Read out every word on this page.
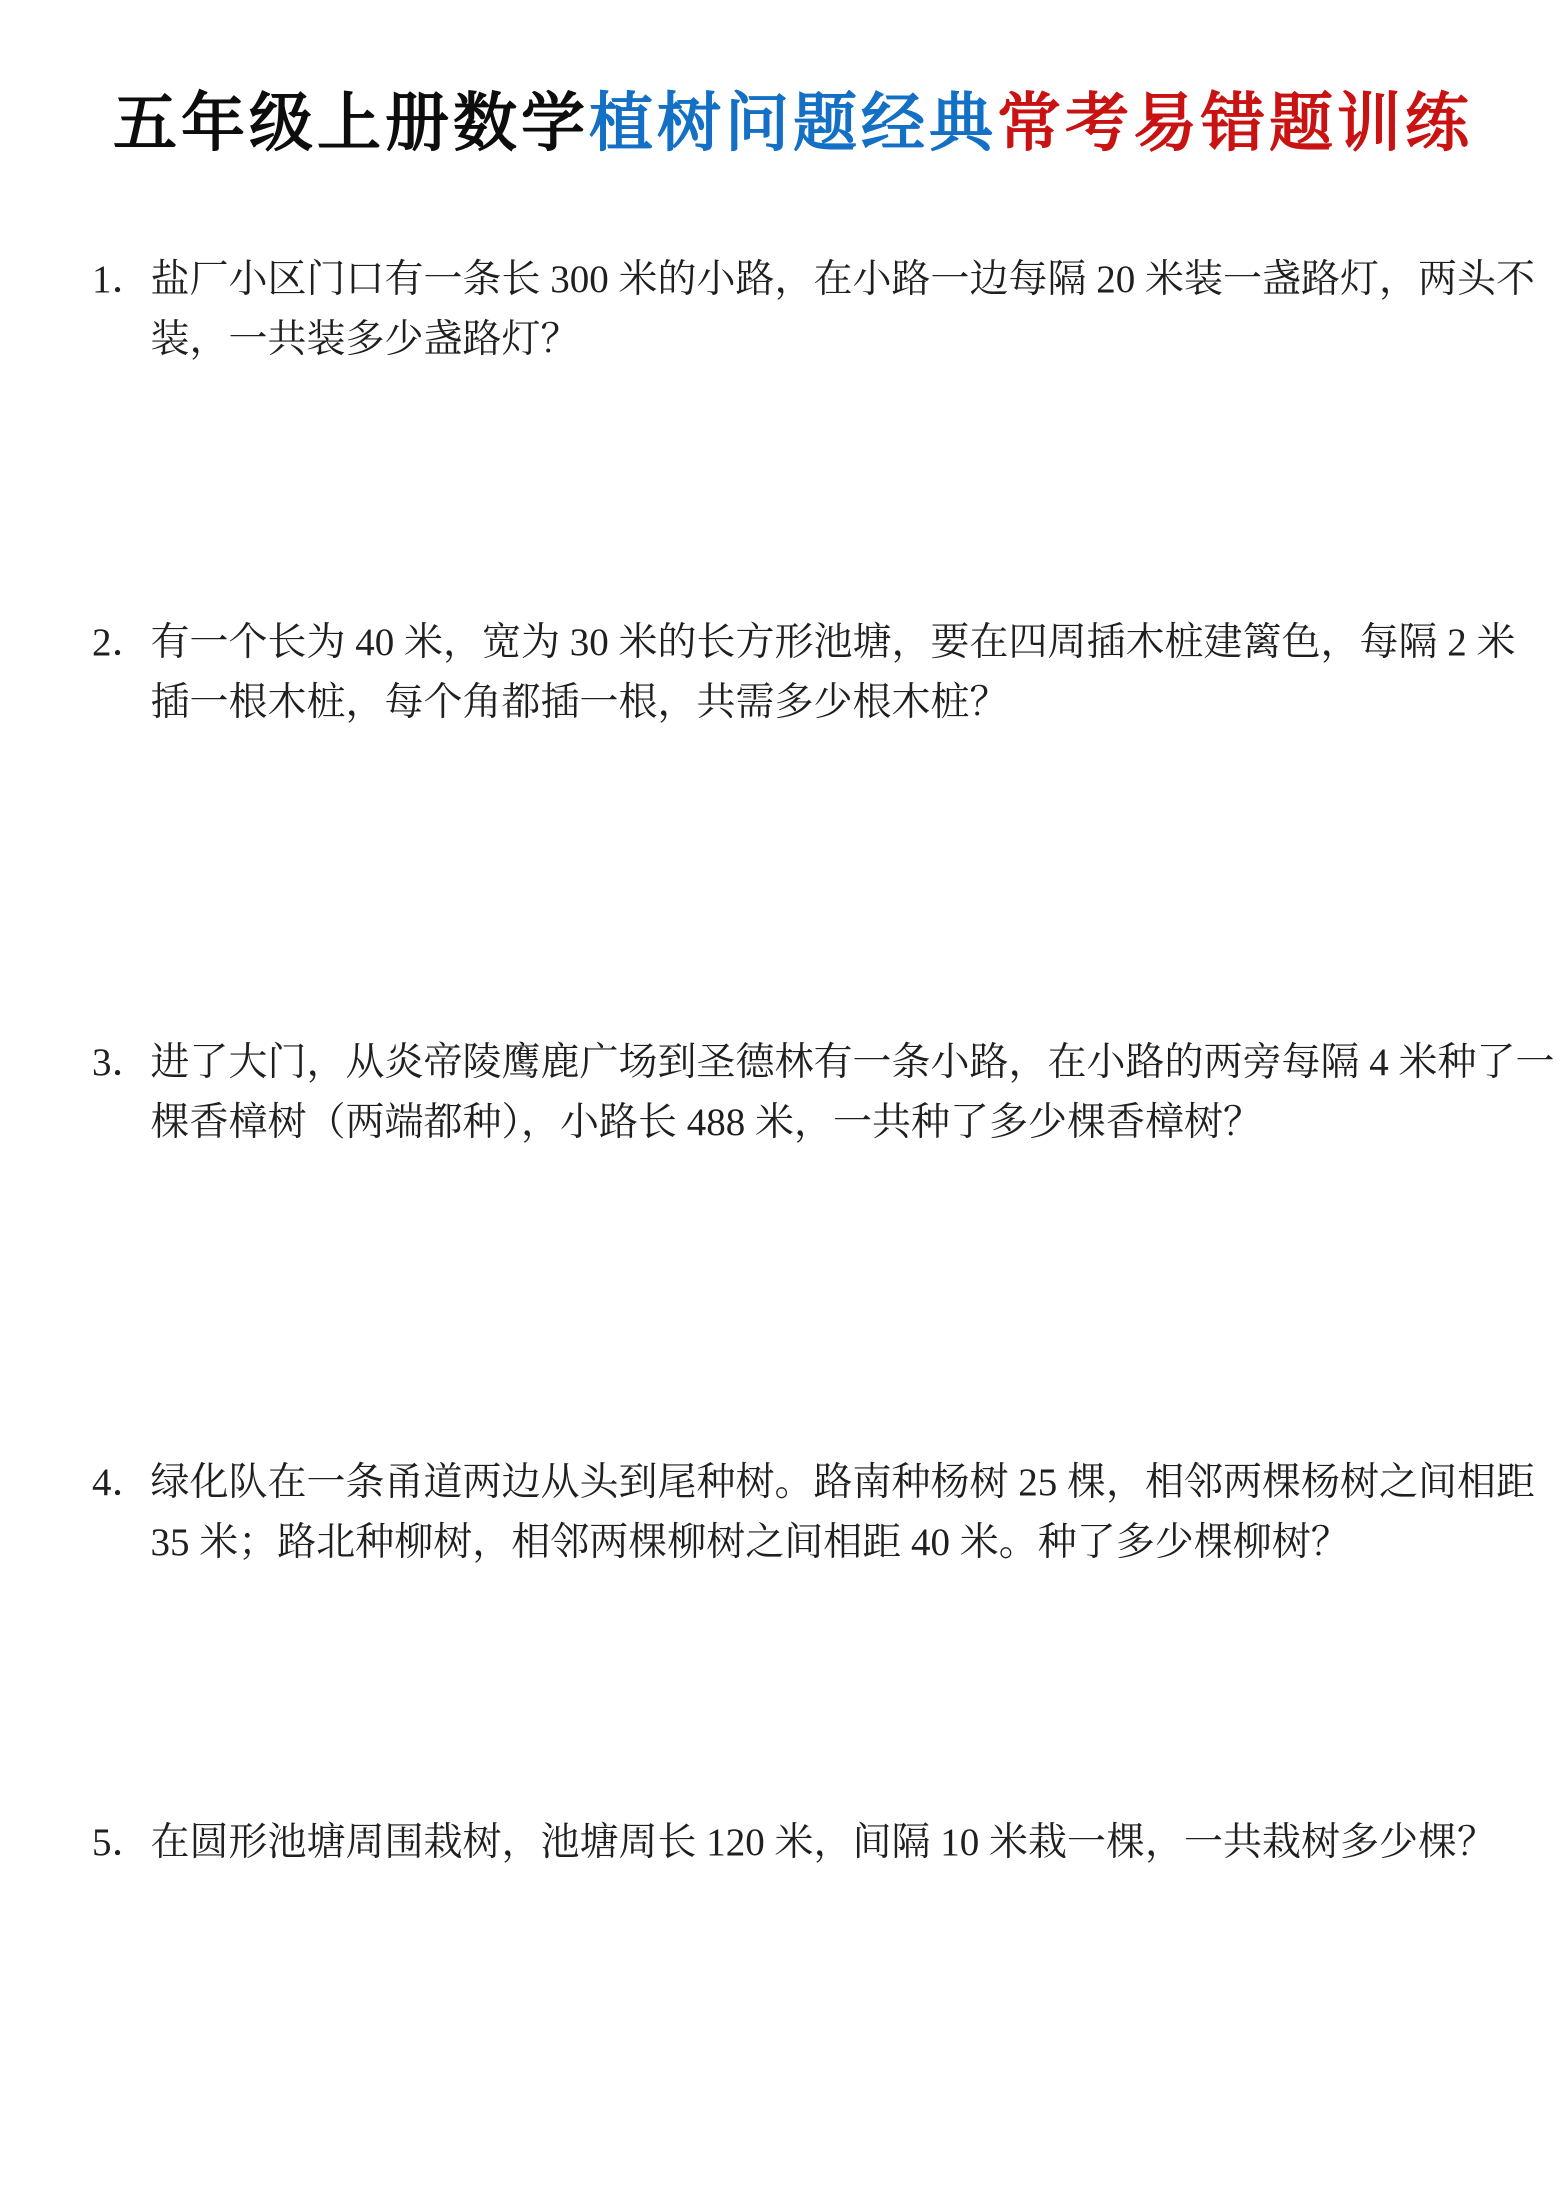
五年级上册数学植树问题经典常考易错题训练
1． 盐厂小区门口有一条长 300 米的小路，在小路一边每隔 20 米装一盏路灯，两头不
装，一共装多少盏路灯？
2． 有一个长为 40 米，宽为 30 米的长方形池塘，要在四周插木桩建篱色，每隔 2 米
插一根木桩，每个角都插一根，共需多少根木桩？
3． 进了大门，从炎帝陵鹰鹿广场到圣德林有一条小路，在小路的两旁每隔 4 米种了一
棵香樟树（两端都种），小路长 488 米，一共种了多少棵香樟树？
4． 绿化队在一条甬道两边从头到尾种树。路南种杨树 25 棵，相邻两棵杨树之间相距
35 米；路北种柳树，相邻两棵柳树之间相距 40 米。种了多少棵柳树？
5． 在圆形池塘周围栽树，池塘周长 120 米，间隔 10 米栽一棵，一共栽树多少棵？
